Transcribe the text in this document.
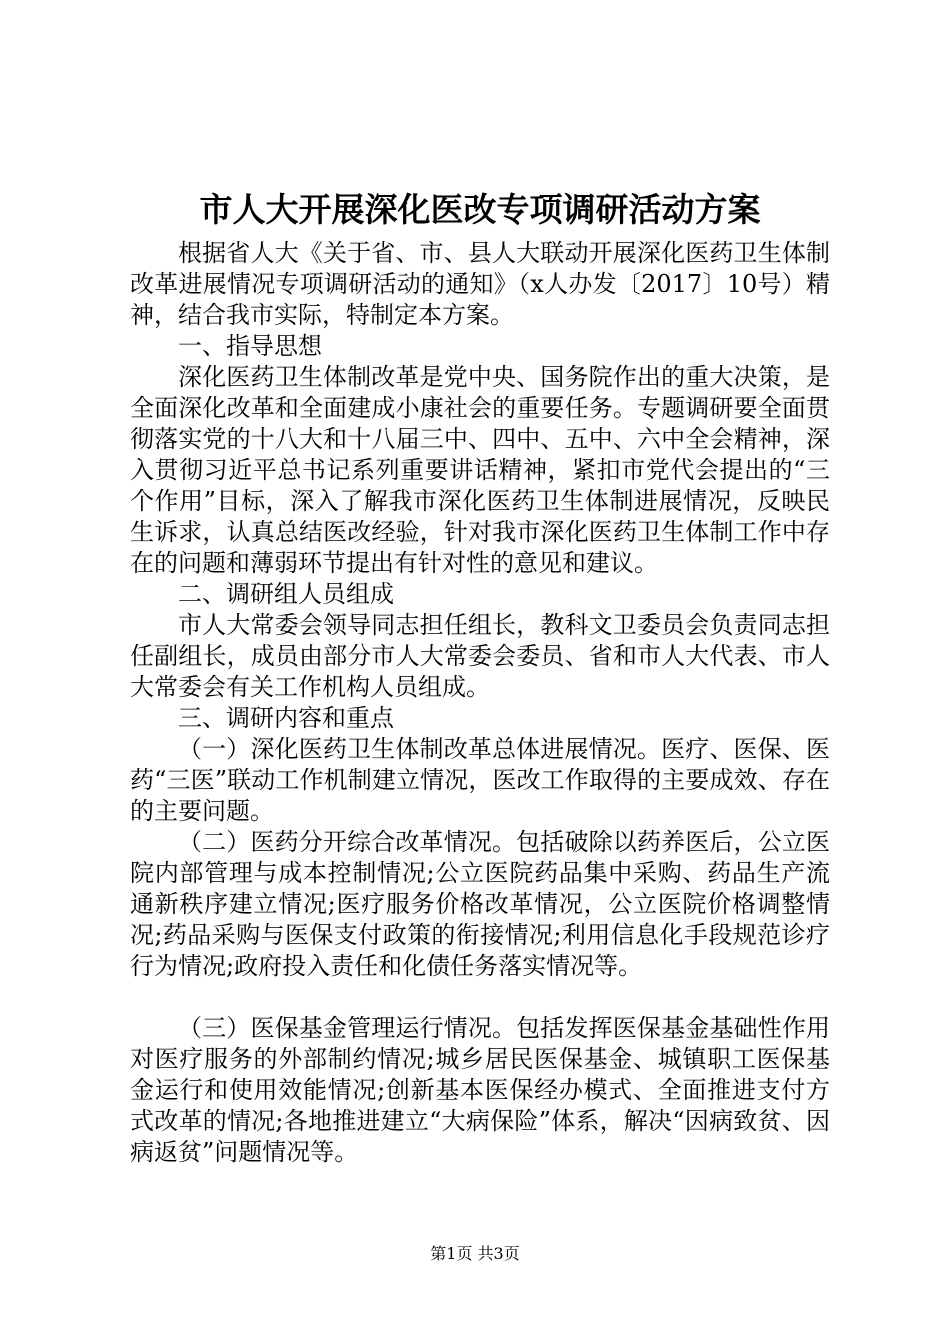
市人大开展深化医改专项调研活动方案

根据省人大《关于省、市、县人大联动开展深化医药卫生体制改革进展情况专项调研活动的通知》（x人办发〔2017〕10号）精神，结合我市实际，特制定本方案。

一、指导思想

深化医药卫生体制改革是党中央、国务院作出的重大决策，是全面深化改革和全面建成小康社会的重要任务。专题调研要全面贯彻落实党的十八大和十八届三中、四中、五中、六中全会精神，深入贯彻习近平总书记系列重要讲话精神，紧扣市党代会提出的“三个作用”目标，深入了解我市深化医药卫生体制进展情况，反映民生诉求，认真总结医改经验，针对我市深化医药卫生体制工作中存在的问题和薄弱环节提出有针对性的意见和建议。

二、调研组人员组成

市人大常委会领导同志担任组长，教科文卫委员会负责同志担任副组长，成员由部分市人大常委会委员、省和市人大代表、市人大常委会有关工作机构人员组成。

三、调研内容和重点

（一）深化医药卫生体制改革总体进展情况。医疗、医保、医药“三医”联动工作机制建立情况，医改工作取得的主要成效、存在的主要问题。

（二）医药分开综合改革情况。包括破除以药养医后，公立医院内部管理与成本控制情况;公立医院药品集中采购、药品生产流通新秩序建立情况;医疗服务价格改革情况，公立医院价格调整情况;药品采购与医保支付政策的衔接情况;利用信息化手段规范诊疗行为情况;政府投入责任和化债任务落实情况等。

（三）医保基金管理运行情况。包括发挥医保基金基础性作用对医疗服务的外部制约情况;城乡居民医保基金、城镇职工医保基金运行和使用效能情况;创新基本医保经办模式、全面推进支付方式改革的情况;各地推进建立“大病保险”体系，解决“因病致贫、因病返贫”问题情况等。

第1页 共3页
